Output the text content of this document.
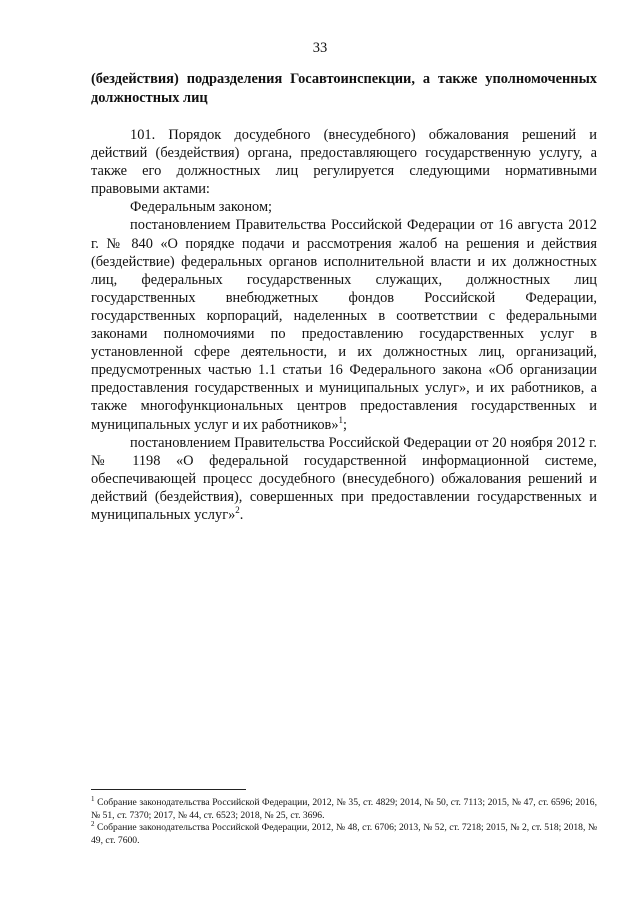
33
(бездействия) подразделения Госавтоинспекции, а также уполномоченных должностных лиц

101. Порядок досудебного (внесудебного) обжалования решений и действий (бездействия) органа, предоставляющего государственную услугу, а также его должностных лиц регулируется следующими нормативными правовыми актами:

Федеральным законом;

постановлением Правительства Российской Федерации от 16 августа 2012 г. № 840 «О порядке подачи и рассмотрения жалоб на решения и действия (бездействие) федеральных органов исполнительной власти и их должностных лиц, федеральных государственных служащих, должностных лиц государственных внебюджетных фондов Российской Федерации, государственных корпораций, наделенных в соответствии с федеральными законами полномочиями по предоставлению государственных услуг в установленной сфере деятельности, и их должностных лиц, организаций, предусмотренных частью 1.1 статьи 16 Федерального закона «Об организации предоставления государственных и муниципальных услуг», и их работников, а также многофункциональных центров предоставления государственных и муниципальных услуг и их работников»$^1$;

постановлением Правительства Российской Федерации от 20 ноября 2012 г. № 1198 «О федеральной государственной информационной системе, обеспечивающей процесс досудебного (внесудебного) обжалования решений и действий (бездействия), совершенных при предоставлении государственных и муниципальных услуг»$^2$.

$^1$ Собрание законодательства Российской Федерации, 2012, № 35, ст. 4829; 2014, № 50, ст. 7113; 2015, № 47, ст. 6596; 2016, № 51, ст. 7370; 2017, № 44, ст. 6523; 2018, № 25, ст. 3696.

$^2$ Собрание законодательства Российской Федерации, 2012, № 48, ст. 6706; 2013, № 52, ст. 7218; 2015, № 2, ст. 518; 2018, № 49, ст. 7600.
